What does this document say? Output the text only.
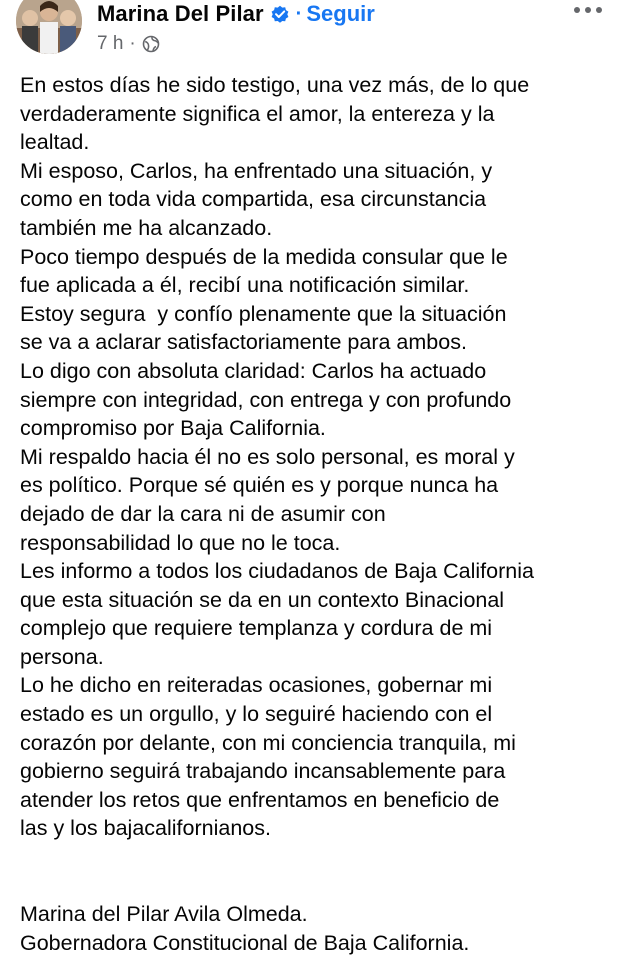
Marina Del Pilar · Seguir
7 h ·

En estos días he sido testigo, una vez más, de lo que

verdaderamente significa el amor, la entereza y la

lealtad.

Mi esposo, Carlos, ha enfrentado una situación, y

como en toda vida compartida, esa circunstancia

también me ha alcanzado.

Poco tiempo después de la medida consular que le

fue aplicada a él, recibí una notificación similar.

Estoy segura  y confío plenamente que la situación

se va a aclarar satisfactoriamente para ambos.

Lo digo con absoluta claridad: Carlos ha actuado

siempre con integridad, con entrega y con profundo

compromiso por Baja California.

Mi respaldo hacia él no es solo personal, es moral y

es político. Porque sé quién es y porque nunca ha

dejado de dar la cara ni de asumir con

responsabilidad lo que no le toca.

Les informo a todos los ciudadanos de Baja California

que esta situación se da en un contexto Binacional

complejo que requiere templanza y cordura de mi

persona.

Lo he dicho en reiteradas ocasiones, gobernar mi

estado es un orgullo, y lo seguiré haciendo con el

corazón por delante, con mi conciencia tranquila, mi

gobierno seguirá trabajando incansablemente para

atender los retos que enfrentamos en beneficio de

las y los bajacalifornianos.

Marina del Pilar Avila Olmeda.

Gobernadora Constitucional de Baja California.
